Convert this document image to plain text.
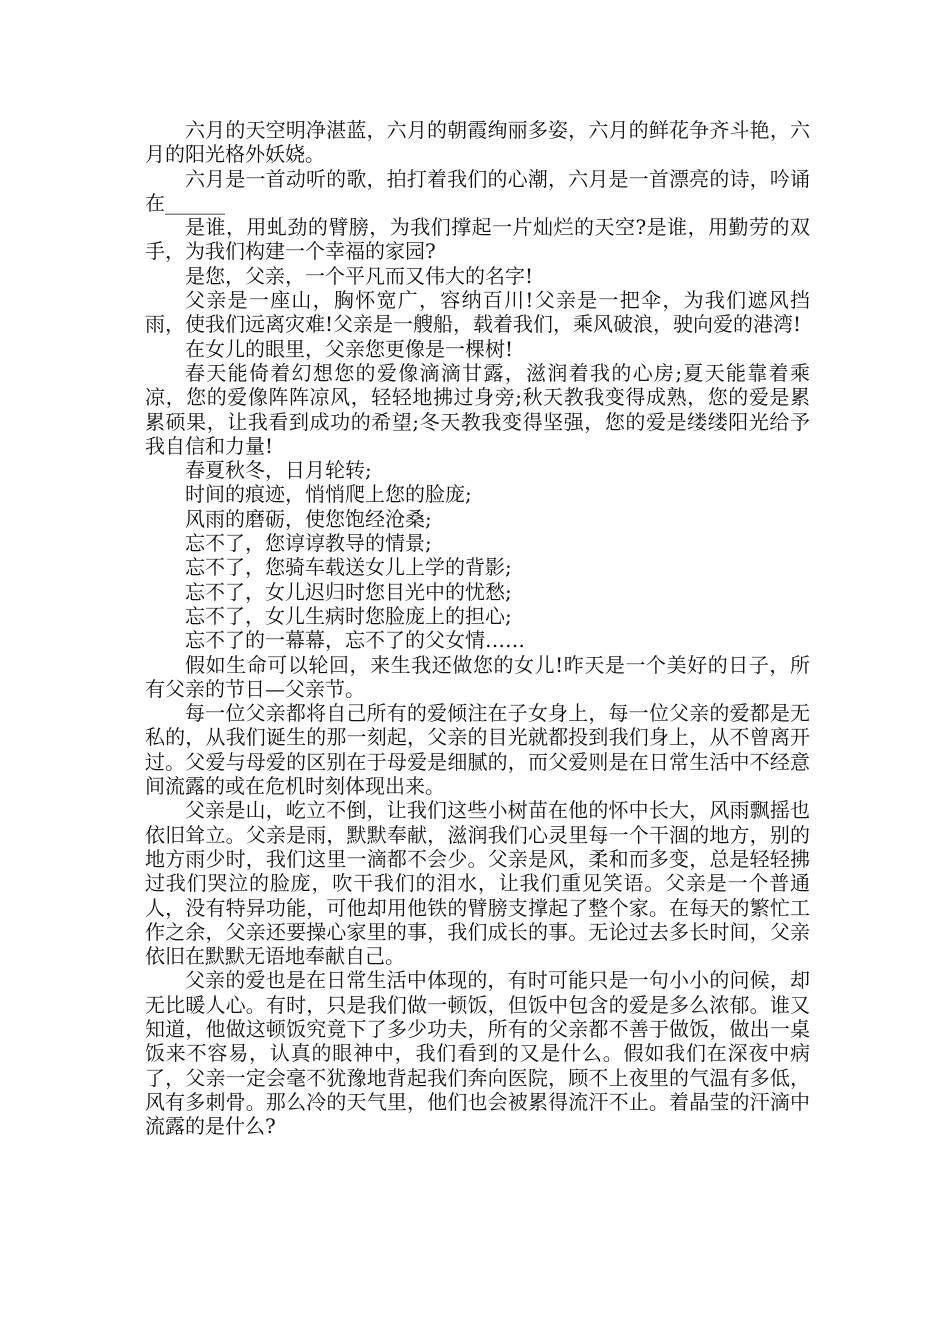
六月的天空明净湛蓝，六月的朝霞绚丽多姿，六月的鲜花争齐斗艳，六月的阳光格外妖娆。

六月是一首动听的歌，拍打着我们的心潮，六月是一首漂亮的诗，吟诵在______

是谁，用虬劲的臂膀，为我们撑起一片灿烂的天空?是谁，用勤劳的双手，为我们构建一个幸福的家园?

是您，父亲，一个平凡而又伟大的名字!

父亲是一座山，胸怀宽广，容纳百川!父亲是一把伞，为我们遮风挡雨，使我们远离灾难!父亲是一艘船，载着我们，乘风破浪，驶向爱的港湾!

在女儿的眼里，父亲您更像是一棵树!

春天能倚着幻想您的爱像滴滴甘露，滋润着我的心房;夏天能靠着乘凉，您的爱像阵阵凉风，轻轻地拂过身旁;秋天教我变得成熟，您的爱是累累硕果，让我看到成功的希望;冬天教我变得坚强，您的爱是缕缕阳光给予我自信和力量!

春夏秋冬，日月轮转;

时间的痕迹，悄悄爬上您的脸庞;

风雨的磨砺，使您饱经沧桑;

忘不了，您谆谆教导的情景;

忘不了，您骑车载送女儿上学的背影;

忘不了，女儿迟归时您目光中的忧愁;

忘不了，女儿生病时您脸庞上的担心;

忘不了的一幕幕，忘不了的父女情……

假如生命可以轮回，来生我还做您的女儿!昨天是一个美好的日子，所有父亲的节日—父亲节。

每一位父亲都将自己所有的爱倾注在子女身上，每一位父亲的爱都是无私的，从我们诞生的那一刻起，父亲的目光就都投到我们身上，从不曾离开过。父爱与母爱的区别在于母爱是细腻的，而父爱则是在日常生活中不经意间流露的或在危机时刻体现出来。

父亲是山，屹立不倒，让我们这些小树苗在他的怀中长大，风雨飘摇也依旧耸立。父亲是雨，默默奉献，滋润我们心灵里每一个干涸的地方，别的地方雨少时，我们这里一滴都不会少。父亲是风，柔和而多变，总是轻轻拂过我们哭泣的脸庞，吹干我们的泪水，让我们重见笑语。父亲是一个普通人，没有特异功能，可他却用他铁的臂膀支撑起了整个家。在每天的繁忙工作之余，父亲还要操心家里的事，我们成长的事。无论过去多长时间，父亲依旧在默默无语地奉献自己。

父亲的爱也是在日常生活中体现的，有时可能只是一句小小的问候，却无比暖人心。有时，只是我们做一顿饭，但饭中包含的爱是多么浓郁。谁又知道，他做这顿饭究竟下了多少功夫，所有的父亲都不善于做饭，做出一桌饭来不容易，认真的眼神中，我们看到的又是什么。假如我们在深夜中病了，父亲一定会毫不犹豫地背起我们奔向医院，顾不上夜里的气温有多低，风有多刺骨。那么冷的天气里，他们也会被累得流汗不止。着晶莹的汗滴中流露的是什么?
